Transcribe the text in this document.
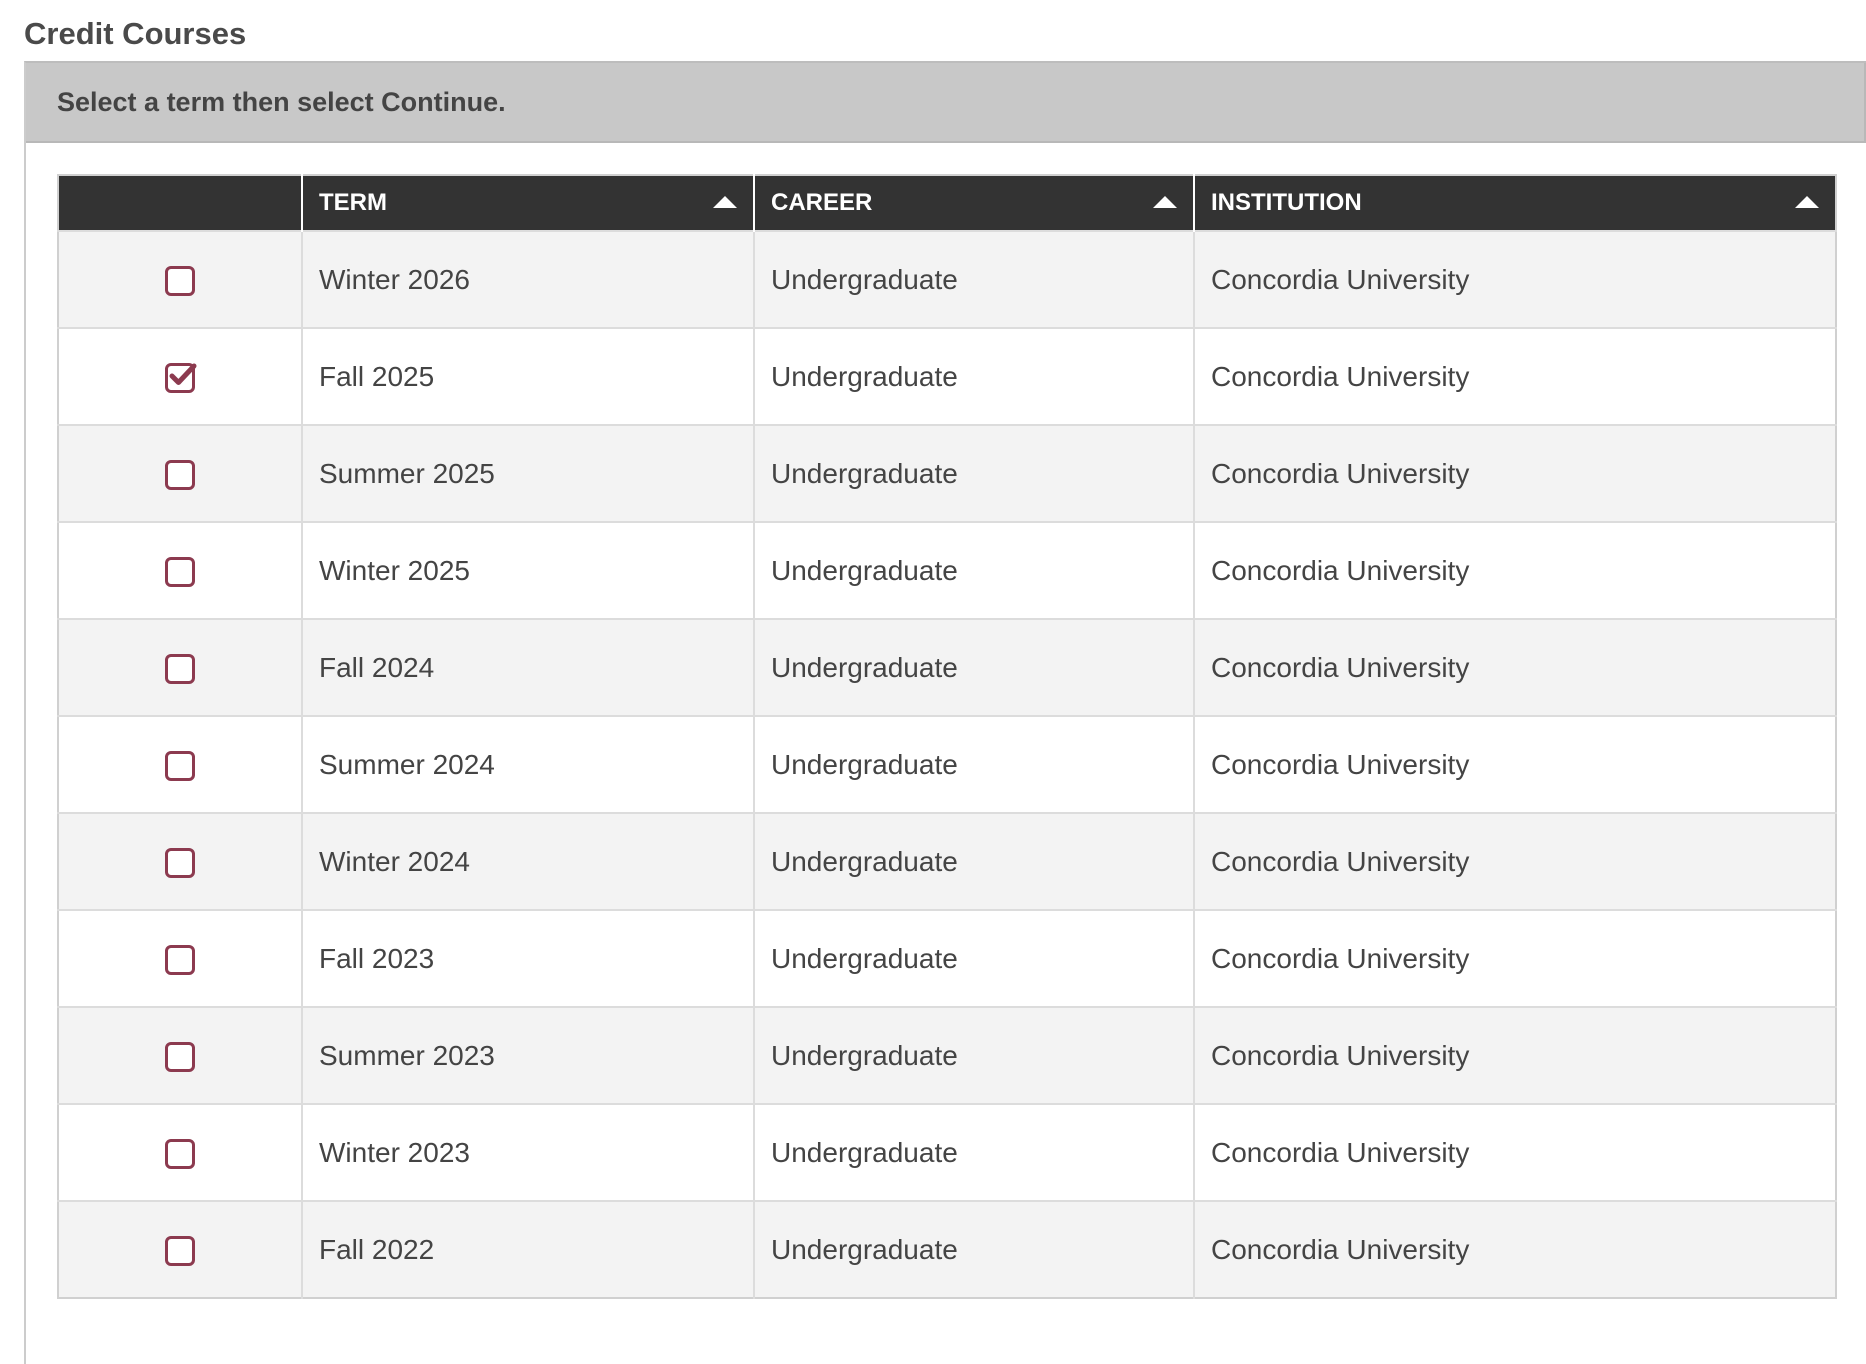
Credit Courses
Select a term then select Continue.
	TERM	CAREER	INSTITUTION

	Winter 2026	Undergraduate	Concordia University

	Fall 2025	Undergraduate	Concordia University

	Summer 2025	Undergraduate	Concordia University

	Winter 2025	Undergraduate	Concordia University

	Fall 2024	Undergraduate	Concordia University

	Summer 2024	Undergraduate	Concordia University

	Winter 2024	Undergraduate	Concordia University

	Fall 2023	Undergraduate	Concordia University

	Summer 2023	Undergraduate	Concordia University

	Winter 2023	Undergraduate	Concordia University

	Fall 2022	Undergraduate	Concordia University
